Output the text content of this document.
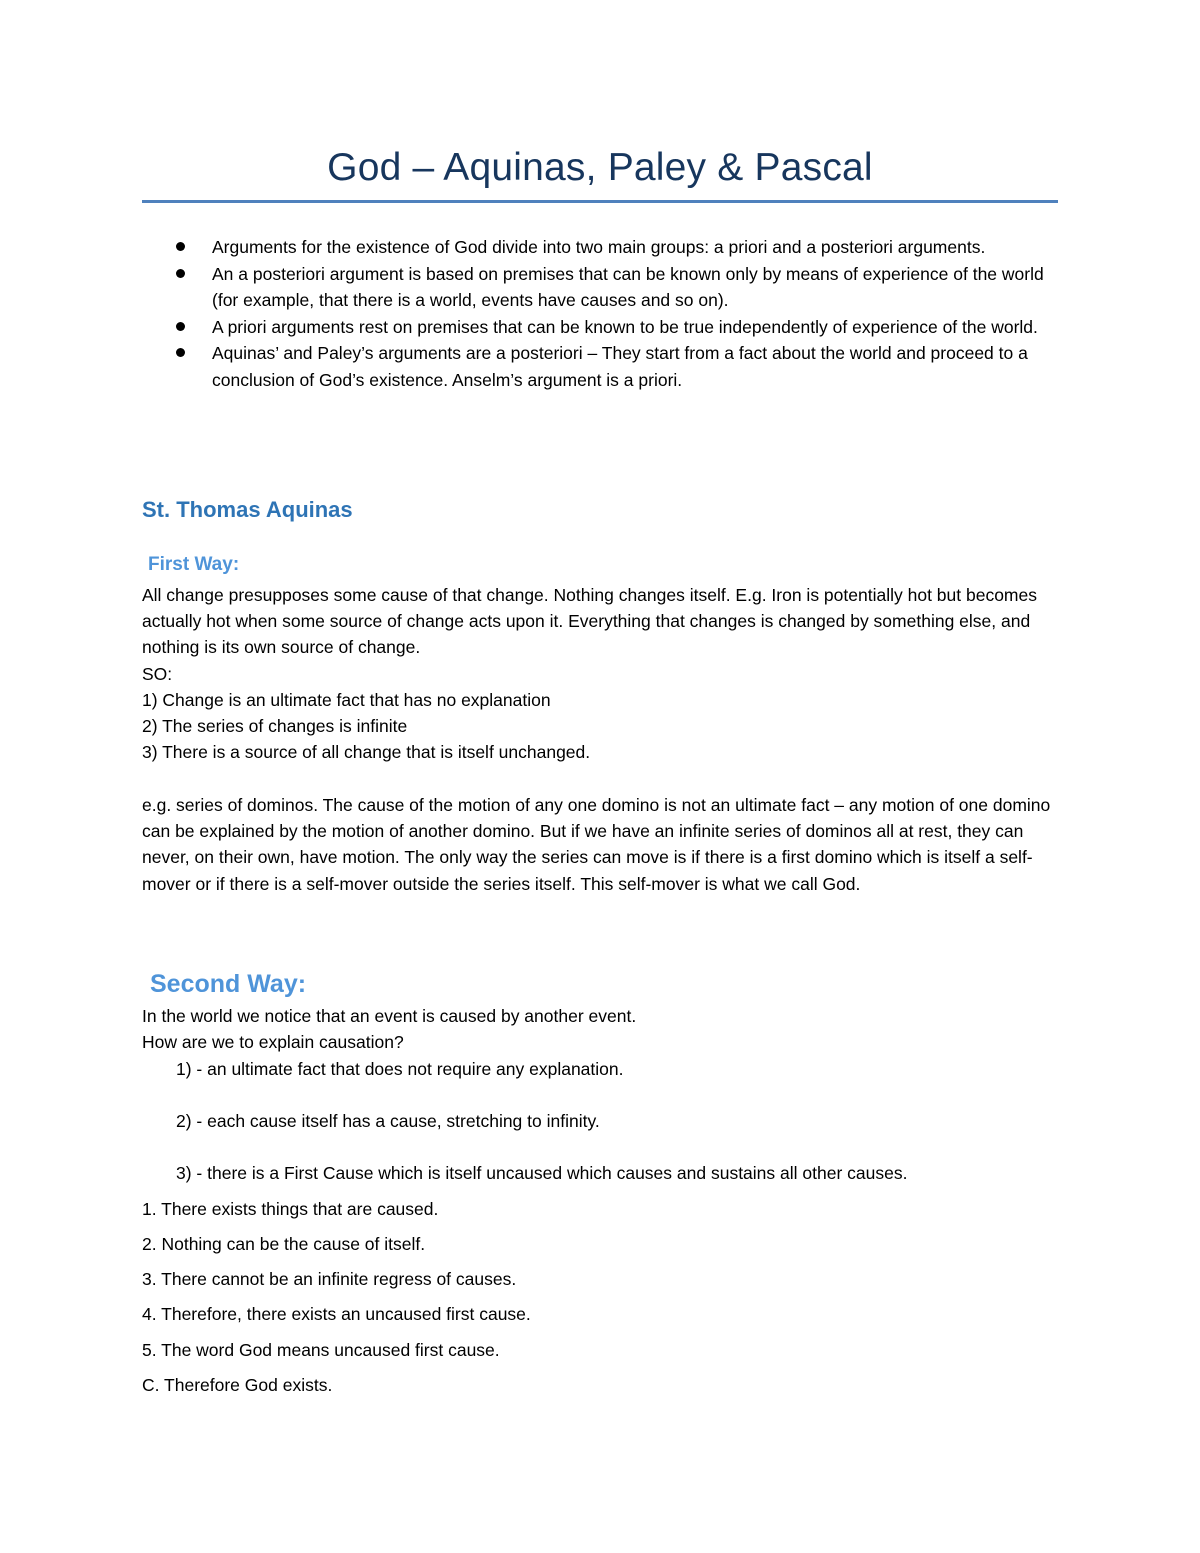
God – Aquinas, Paley & Pascal
Arguments for the existence of God divide into two main groups: a priori and a posteriori arguments.
An a posteriori argument is based on premises that can be known only by means of experience of the world (for example, that there is a world, events have causes and so on).
A priori arguments rest on premises that can be known to be true independently of experience of the world.
Aquinas’ and Paley’s arguments are a posteriori – They start from a fact about the world and proceed to a conclusion of God’s existence. Anselm’s argument is a priori.
St. Thomas Aquinas
First Way:

All change presupposes some cause of that change. Nothing changes itself. E.g. Iron is potentially hot but becomes actually hot when some source of change acts upon it. Everything that changes is changed by something else, and nothing is its own source of change.

SO:

1) Change is an ultimate fact that has no explanation

2) The series of changes is infinite

3) There is a source of all change that is itself unchanged.

e.g. series of dominos. The cause of the motion of any one domino is not an ultimate fact – any motion of one domino can be explained by the motion of another domino. But if we have an infinite series of dominos all at rest, they can never, on their own, have motion. The only way the series can move is if there is a first domino which is itself a self-mover or if there is a self-mover outside the series itself. This self-mover is what we call God.

Second Way:

In the world we notice that an event is caused by another event.

How are we to explain causation?

1) - an ultimate fact that does not require any explanation.
2) - each cause itself has a cause, stretching to infinity.
3) - there is a First Cause which is itself uncaused which causes and sustains all other causes.
1. There exists things that are caused.
2. Nothing can be the cause of itself.
3. There cannot be an infinite regress of causes.
4. Therefore, there exists an uncaused first cause.
5. The word God means uncaused first cause.
C. Therefore God exists.
